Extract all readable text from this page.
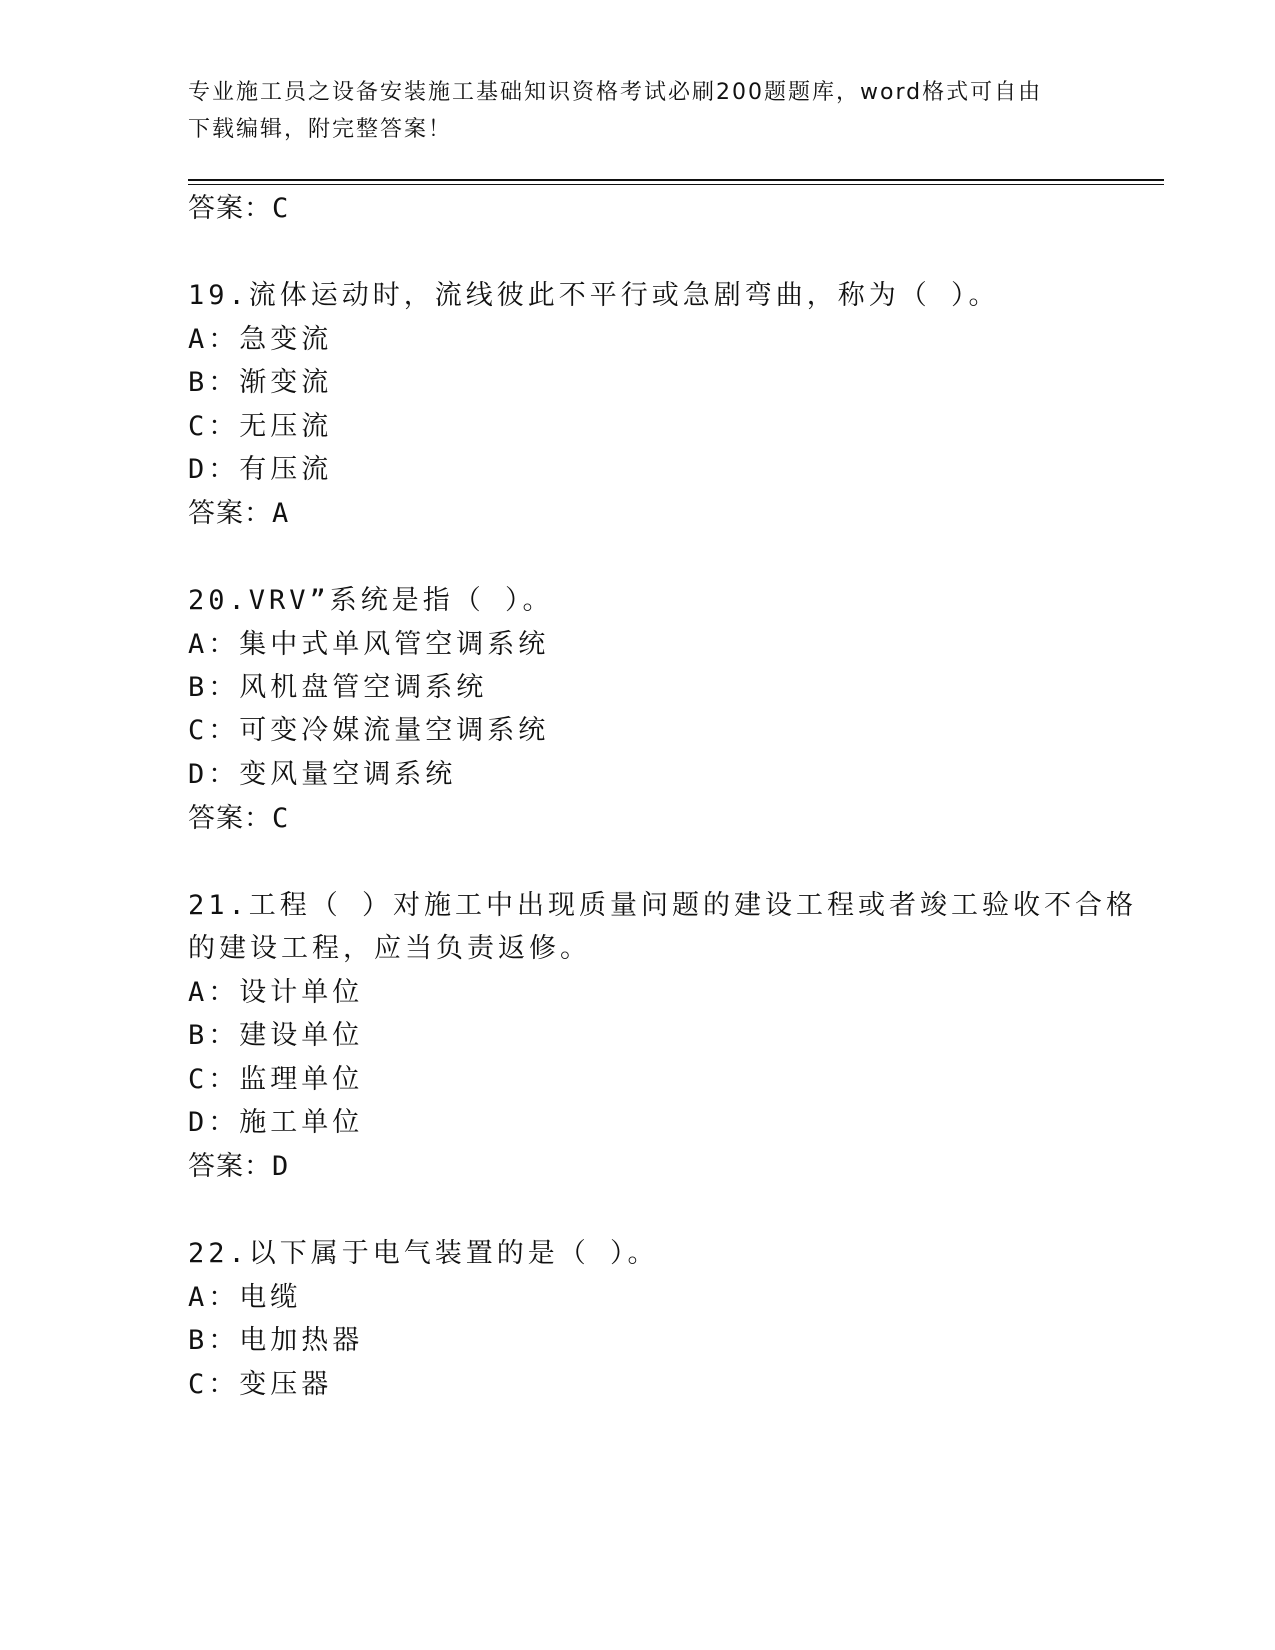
专业施工员之设备安装施工基础知识资格考试必刷200题题库，word格式可自由
下载编辑，附完整答案！
答案：C
19.流体运动时，流线彼此不平行或急剧弯曲，称为（ ）。
A：急变流
B：渐变流
C：无压流
D：有压流
答案：A
20.VRV”系统是指（ ）。
A：集中式单风管空调系统
B：风机盘管空调系统
C：可变冷媒流量空调系统
D：变风量空调系统
答案：C
21.工程（ ）对施工中出现质量问题的建设工程或者竣工验收不合格
的建设工程，应当负责返修。
A：设计单位
B：建设单位
C：监理单位
D：施工单位
答案：D
22.以下属于电气装置的是（ ）。
A：电缆
B：电加热器
C：变压器
